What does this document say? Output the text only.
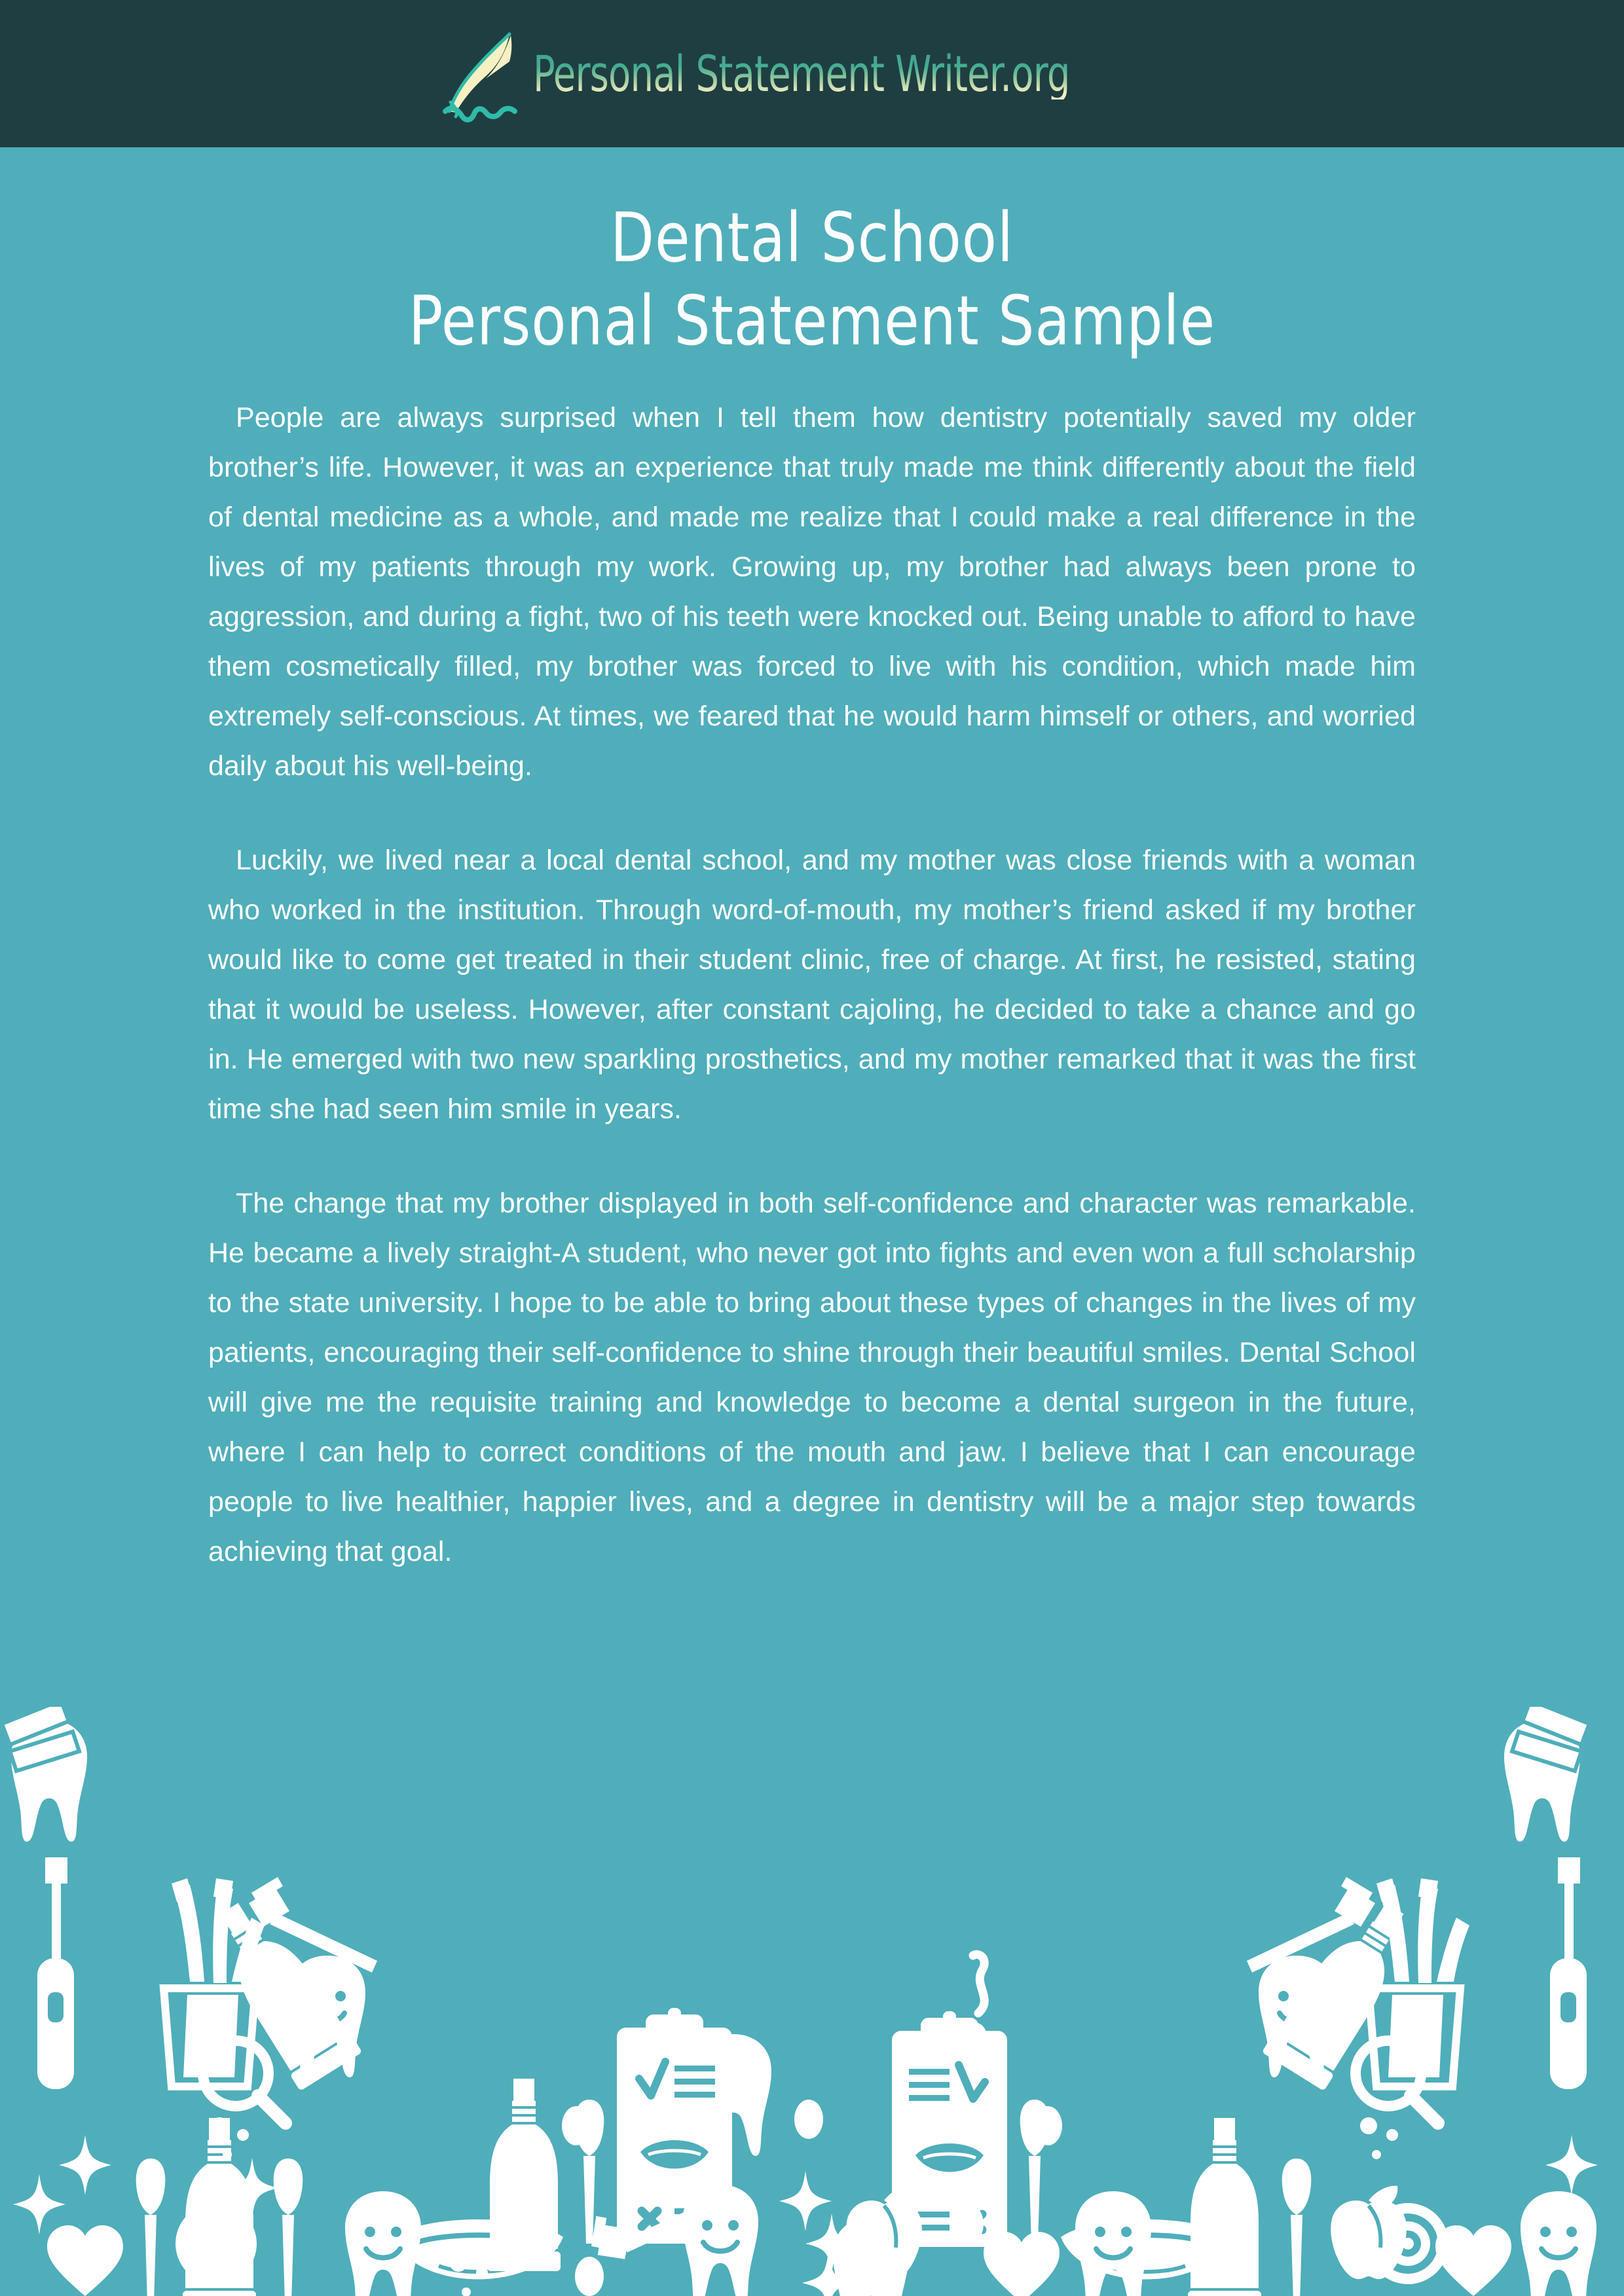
Personal Statement Writer.org
Dental School
Personal Statement Sample

People are always surprised when I tell them how dentistry potentially saved my older brother’s life. However, it was an experience that truly made me think differently about the field of dental medicine as a whole, and made me realize that I could make a real difference in the lives of my patients through my work. Growing up, my brother had always been prone to aggression, and during a fight, two of his teeth were knocked out. Being unable to afford to have them cosmetically filled, my brother was forced to live with his condition, which made him extremely self-conscious. At times, we feared that he would harm himself or others, and worried daily about his well-being.

Luckily, we lived near a local dental school, and my mother was close friends with a woman who worked in the institution. Through word-of-mouth, my mother’s friend asked if my brother would like to come get treated in their student clinic, free of charge. At first, he resisted, stating that it would be useless. However, after constant cajoling, he decided to take a chance and go in. He emerged with two new sparkling prosthetics, and my mother remarked that it was the first time she had seen him smile in years.

The change that my brother displayed in both self-confidence and character was remarkable. He became a lively straight-A student, who never got into fights and even won a full scholarship to the state university. I hope to be able to bring about these types of changes in the lives of my patients, encouraging their self-confidence to shine through their beautiful smiles. Dental School will give me the requisite training and knowledge to become a dental surgeon in the future, where I can help to correct conditions of the mouth and jaw. I believe that I can encourage people to live healthier, happier lives, and a degree in dentistry will be a major step towards achieving that goal.
